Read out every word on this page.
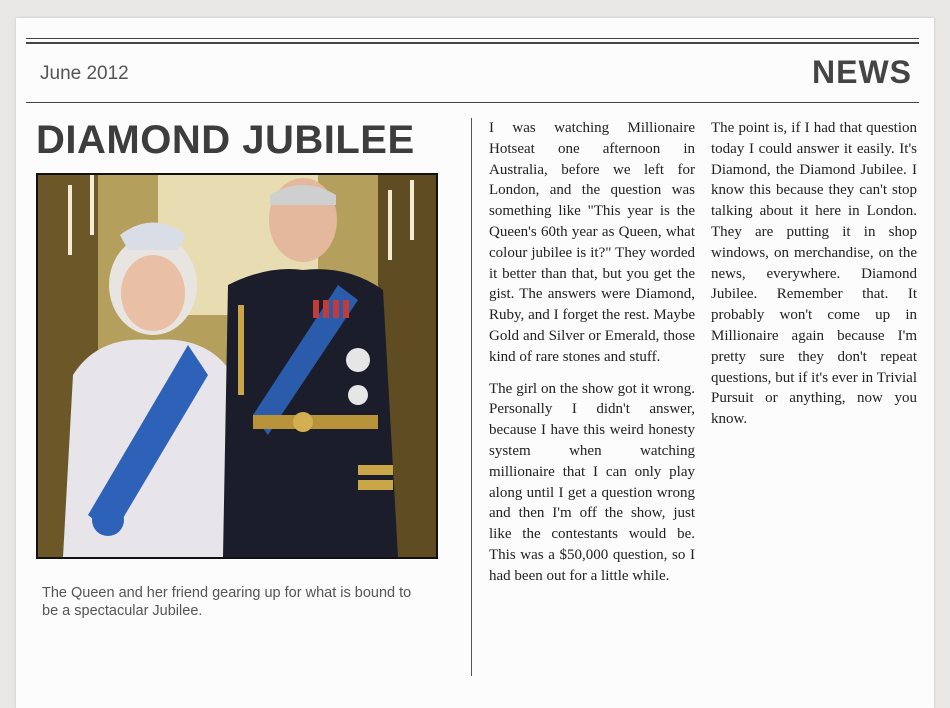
June 2012	NEWS
DIAMOND JUBILEE
The Queen and her friend gearing up for what is bound to be a spectacular Jubilee.

I was watching Millionaire Hotseat one afternoon in Australia, before we left for London, and the question was something like "This year is the Queen's 60th year as Queen, what colour jubilee is it?" They worded it better than that, but you get the gist. The answers were Diamond, Ruby, and I forget the rest. Maybe Gold and Silver or Emerald, those kind of rare stones and stuff.

The girl on the show got it wrong. Personally I didn't answer, because I have this weird honesty system when watching millionaire that I can only play along until I get a question wrong and then I'm off the show, just like the contestants would be. This was a $50,000 question, so I had been out for a little while.

The point is, if I had that question today I could answer it easily. It's Diamond, the Diamond Jubilee. I know this because they can't stop talking about it here in London. They are putting it in shop windows, on merchandise, on the news, everywhere. Diamond Jubilee. Remember that. It probably won't come up in Millionaire again because I'm pretty sure they don't repeat questions, but if it's ever in Trivial Pursuit or anything, now you know.
